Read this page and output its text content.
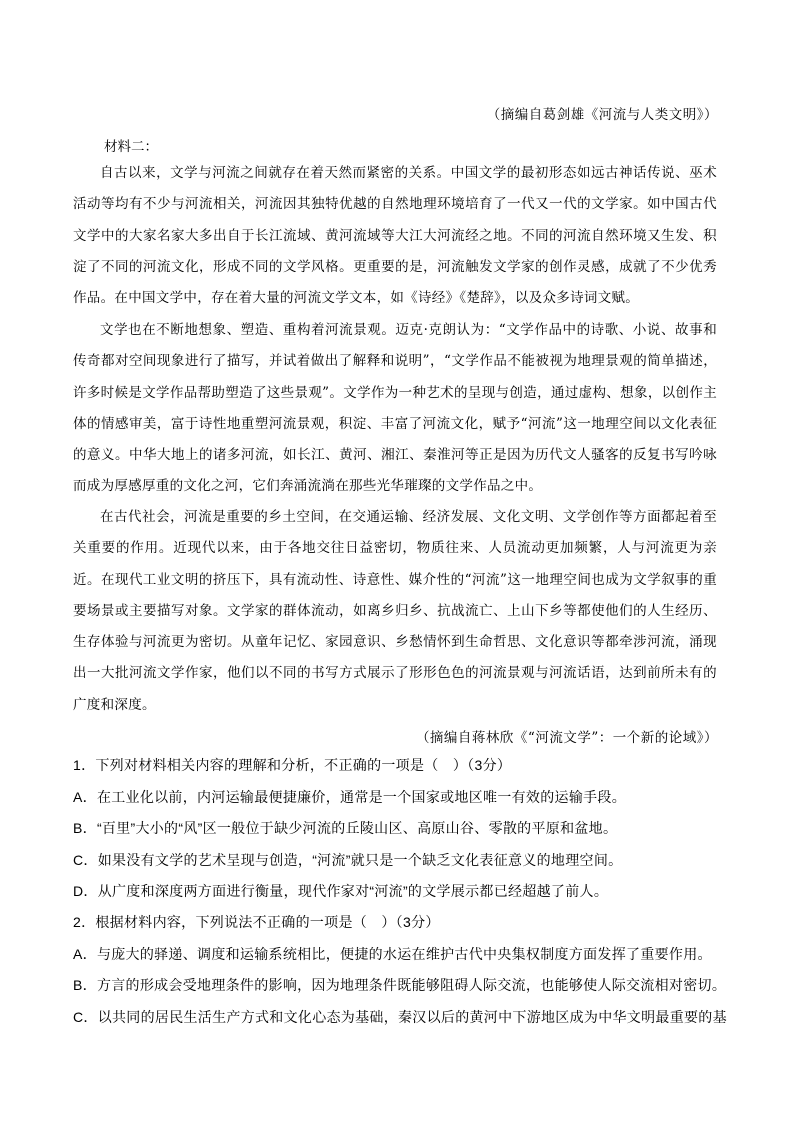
（摘编自葛剑雄《河流与人类文明》）
材料二：
自古以来，文学与河流之间就存在着天然而紧密的关系。中国文学的最初形态如远古神话传说、巫术活动等均有不少与河流相关，河流因其独特优越的自然地理环境培育了一代又一代的文学家。如中国古代文学中的大家名家大多出自于长江流域、黄河流域等大江大河流经之地。不同的河流自然环境又生发、积淀了不同的河流文化，形成不同的文学风格。更重要的是，河流触发文学家的创作灵感，成就了不少优秀作品。在中国文学中，存在着大量的河流文学文本，如《诗经》《楚辞》，以及众多诗词文赋。
文学也在不断地想象、塑造、重构着河流景观。迈克·克朗认为：“文学作品中的诗歌、小说、故事和传奇都对空间现象进行了描写，并试着做出了解释和说明”，“文学作品不能被视为地理景观的简单描述，许多时候是文学作品帮助塑造了这些景观”。文学作为一种艺术的呈现与创造，通过虚构、想象，以创作主体的情感审美，富于诗性地重塑河流景观，积淀、丰富了河流文化，赋予“河流”这一地理空间以文化表征的意义。中华大地上的诸多河流，如长江、黄河、湘江、秦淮河等正是因为历代文人骚客的反复书写吟咏而成为厚感厚重的文化之河，它们奔涌流淌在那些光华璀璨的文学作品之中。
在古代社会，河流是重要的乡土空间，在交通运输、经济发展、文化文明、文学创作等方面都起着至关重要的作用。近现代以来，由于各地交往日益密切，物质往来、人员流动更加频繁，人与河流更为亲近。在现代工业文明的挤压下，具有流动性、诗意性、媒介性的“河流”这一地理空间也成为文学叙事的重要场景或主要描写对象。文学家的群体流动，如离乡归乡、抗战流亡、上山下乡等都使他们的人生经历、生存体验与河流更为密切。从童年记忆、家园意识、乡愁情怀到生命哲思、文化意识等都牵涉河流，涌现出一大批河流文学作家，他们以不同的书写方式展示了形形色色的河流景观与河流话语，达到前所未有的广度和深度。
（摘编自蒋林欣《“河流文学”：一个新的论域》）
1．下列对材料相关内容的理解和分析，不正确的一项是（　）（3分）
A．在工业化以前，内河运输最便捷廉价，通常是一个国家或地区唯一有效的运输手段。
B．“百里”大小的“风”区一般位于缺少河流的丘陵山区、高原山谷、零散的平原和盆地。
C．如果没有文学的艺术呈现与创造，“河流”就只是一个缺乏文化表征意义的地理空间。
D．从广度和深度两方面进行衡量，现代作家对“河流”的文学展示都已经超越了前人。
2．根据材料内容，下列说法不正确的一项是（　）（3分）
A．与庞大的驿递、调度和运输系统相比，便捷的水运在维护古代中央集权制度方面发挥了重要作用。
B．方言的形成会受地理条件的影响，因为地理条件既能够阻碍人际交流，也能够使人际交流相对密切。
C．以共同的居民生活生产方式和文化心态为基础，秦汉以后的黄河中下游地区成为中华文明最重要的基
